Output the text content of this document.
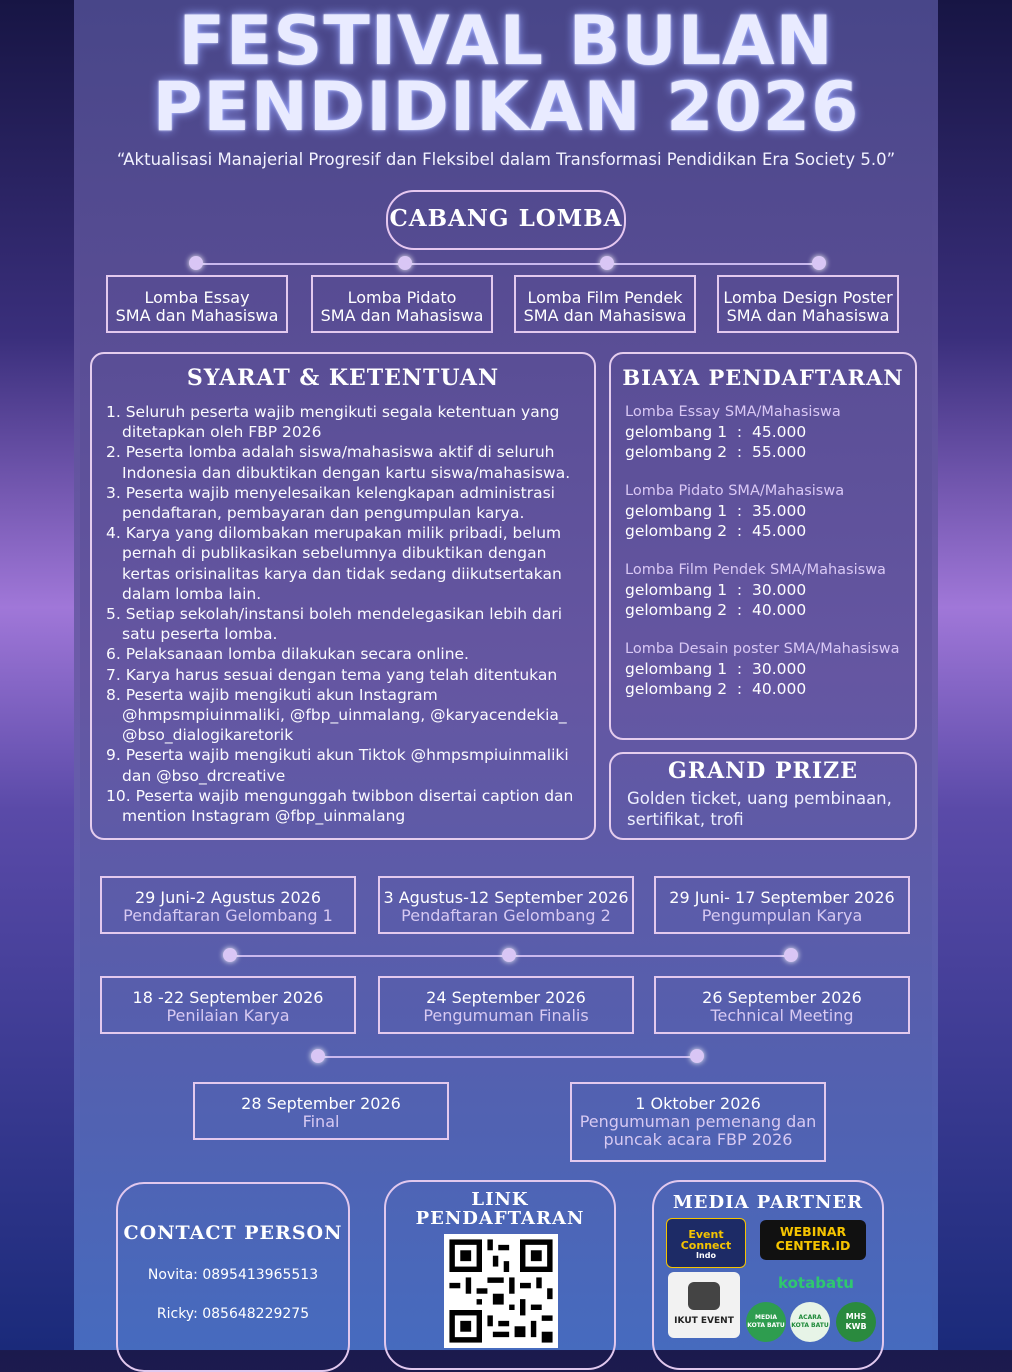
FESTIVAL BULAN
PENDIDIKAN 2026
“Aktualisasi Manajerial Progresif dan Fleksibel dalam Transformasi Pendidikan Era Society 5.0”
CABANG LOMBA
Lomba Essay
SMA dan Mahasiswa
Lomba Pidato
SMA dan Mahasiswa
Lomba Film Pendek
SMA dan Mahasiswa
Lomba Design Poster
SMA dan Mahasiswa
SYARAT & KETENTUAN
1. Seluruh peserta wajib mengikuti segala ketentuan yang ditetapkan oleh FBP 2026
2. Peserta lomba adalah siswa/mahasiswa aktif di seluruh Indonesia dan dibuktikan dengan kartu siswa/mahasiswa.
3. Peserta wajib menyelesaikan kelengkapan administrasi pendaftaran, pembayaran dan pengumpulan karya.
4. Karya yang dilombakan merupakan milik pribadi, belum pernah di publikasikan sebelumnya dibuktikan dengan kertas orisinalitas karya dan tidak sedang diikutsertakan dalam lomba lain.
5. Setiap sekolah/instansi boleh mendelegasikan lebih dari satu peserta lomba.
6. Pelaksanaan lomba dilakukan secara online.
7. Karya harus sesuai dengan tema yang telah ditentukan
8. Peserta wajib mengikuti akun Instagram @hmpsmpiuinmaliki, @fbp_uinmalang, @karyacendekia_ @bso_dialogikaretorik
9. Peserta wajib mengikuti akun Tiktok @hmpsmpiuinmaliki dan @bso_drcreative
10. Peserta wajib mengunggah twibbon disertai caption dan mention Instagram @fbp_uinmalang
BIAYA PENDAFTARAN
Lomba Essay SMA/Mahasiswa
gelombang 1  :  45.000
gelombang 2  :  55.000
Lomba Pidato SMA/Mahasiswa
gelombang 1  :  35.000
gelombang 2  :  45.000
Lomba Film Pendek SMA/Mahasiswa
gelombang 1  :  30.000
gelombang 2  :  40.000
Lomba Desain poster SMA/Mahasiswa
gelombang 1  :  30.000
gelombang 2  :  40.000
GRAND PRIZE
Golden ticket, uang pembinaan,
sertifikat, trofi
29 Juni-2 Agustus 2026
Pendaftaran Gelombang 1
3 Agustus-12 September 2026
Pendaftaran Gelombang 2
29 Juni- 17 September 2026
Pengumpulan Karya
18 -22 September 2026
Penilaian Karya
24 September 2026
Pengumuman Finalis
26 September 2026
Technical Meeting
28 September 2026
Final
1 Oktober 2026
Pengumuman pemenang dan
puncak acara FBP 2026
CONTACT PERSON
Novita: 0895413965513
Ricky: 085648229275
LINK
PENDAFTARAN
MEDIA PARTNER
Event Connect
Indo
WEBINAR CENTER.ID
kotabatu
IKUT EVENT	MEDIA KOTA BATU
ACARA KOTA BATU
MHS KWB
